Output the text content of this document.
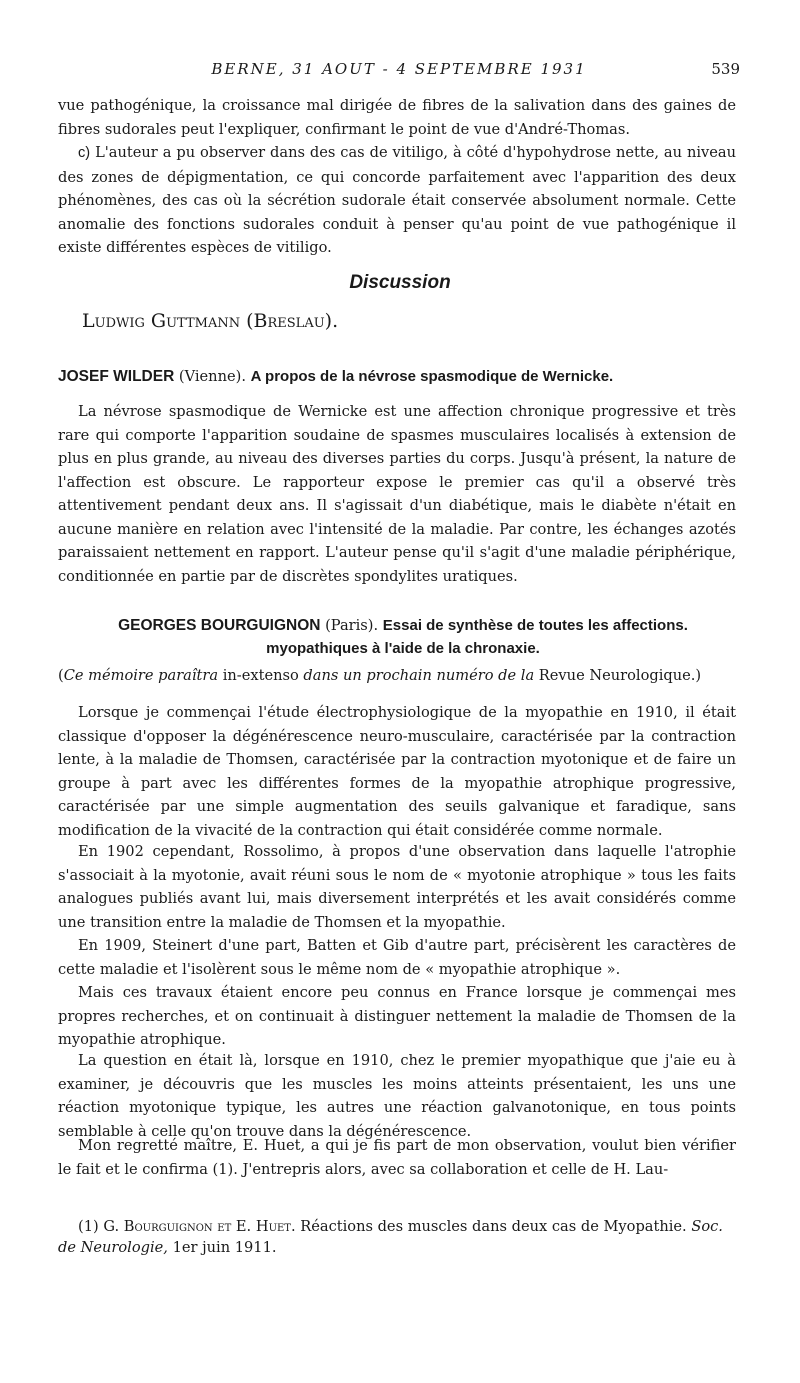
BERNE, 31 AOUT - 4 SEPTEMBRE 1931	539

vue pathogénique, la croissance mal dirigée de fibres de la salivation dans des gaines de fibres sudorales peut l'expliquer, confirmant le point de vue d'André-Thomas.

c) L'auteur a pu observer dans des cas de vitiligo, à côté d'hypohydrose nette, au niveau des zones de dépigmentation, ce qui concorde parfaitement avec l'apparition des deux phénomènes, des cas où la sécrétion sudorale était conservée absolument normale. Cette anomalie des fonctions sudorales conduit à penser qu'au point de vue pathogénique il existe différentes espèces de vitiligo.

Discussion
Ludwig Guttmann (Breslau).
JOSEF WILDER (Vienne). A propos de la névrose spasmodique de Wernicke.

La névrose spasmodique de Wernicke est une affection chronique progressive et très rare qui comporte l'apparition soudaine de spasmes musculaires localisés à extension de plus en plus grande, au niveau des diverses parties du corps. Jusqu'à présent, la nature de l'affection est obscure. Le rapporteur expose le premier cas qu'il a observé très attentivement pendant deux ans. Il s'agissait d'un diabétique, mais le diabète n'était en aucune manière en relation avec l'intensité de la maladie. Par contre, les échanges azotés paraissaient nettement en rapport. L'auteur pense qu'il s'agit d'une maladie périphérique, conditionnée en partie par de discrètes spondylites uratiques.

GEORGES BOURGUIGNON (Paris). Essai de synthèse de toutes les affections.
myopathiques à l'aide de la chronaxie.

(Ce mémoire paraîtra in-extenso dans un prochain numéro de la Revue Neurologique.)

Lorsque je commençai l'étude électrophysiologique de la myopathie en 1910, il était classique d'opposer la dégénérescence neuro-musculaire, caractérisée par la contraction lente, à la maladie de Thomsen, caractérisée par la contraction myotonique et de faire un groupe à part avec les différentes formes de la myopathie atrophique progressive, caractérisée par une simple augmentation des seuils galvanique et faradique, sans modification de la vivacité de la contraction qui était considérée comme normale.

En 1902 cependant, Rossolimo, à propos d'une observation dans laquelle l'atrophie s'associait à la myotonie, avait réuni sous le nom de « myotonie atrophique » tous les faits analogues publiés avant lui, mais diversement interprétés et les avait considérés comme une transition entre la maladie de Thomsen et la myopathie.

En 1909, Steinert d'une part, Batten et Gib d'autre part, précisèrent les caractères de cette maladie et l'isolèrent sous le même nom de « myopathie atrophique ».

Mais ces travaux étaient encore peu connus en France lorsque je commençai mes propres recherches, et on continuait à distinguer nettement la maladie de Thomsen de la myopathie atrophique.

La question en était là, lorsque en 1910, chez le premier myopathique que j'aie eu à examiner, je découvris que les muscles les moins atteints présentaient, les uns une réaction myotonique typique, les autres une réaction galvanotonique, en tous points semblable à celle qu'on trouve dans la dégénérescence.

Mon regretté maître, E. Huet, a qui je fis part de mon observation, voulut bien vérifier le fait et le confirma (1). J'entrepris alors, avec sa collaboration et celle de H. Lau-

(1) G. Bourguignon et E. Huet. Réactions des muscles dans deux cas de Myopathie. Soc. de Neurologie, 1er juin 1911.
